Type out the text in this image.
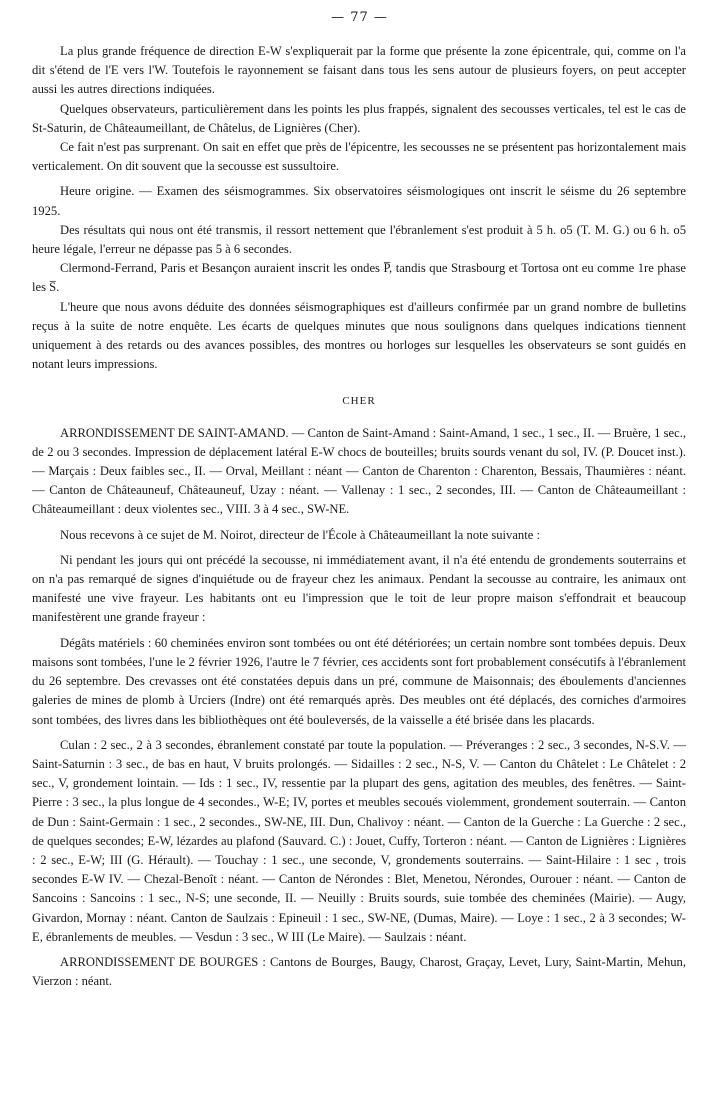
— 77 —

La plus grande fréquence de direction E-W s'expliquerait par la forme que présente la zone épicentrale, qui, comme on l'a dit s'étend de l'E vers l'W. Toutefois le rayonnement se faisant dans tous les sens autour de plusieurs foyers, on peut accepter aussi les autres directions indiquées.

Quelques observateurs, particulièrement dans les points les plus frappés, signalent des secousses verticales, tel est le cas de St-Saturin, de Châteaumeillant, de Châtelus, de Lignières (Cher).

Ce fait n'est pas surprenant. On sait en effet que près de l'épicentre, les secousses ne se présentent pas horizontalement mais verticalement. On dit souvent que la secousse est sussultoire.

Heure origine. — Examen des séismogrammes. Six observatoires séismologiques ont inscrit le séisme du 26 septembre 1925.

Des résultats qui nous ont été transmis, il ressort nettement que l'ébranlement s'est produit à 5 h. o5 (T. M. G.) ou 6 h. o5 heure légale, l'erreur ne dépasse pas 5 à 6 secondes.

Clermond-Ferrand, Paris et Besançon auraient inscrit les ondes P̅, tandis que Strasbourg et Tortosa ont eu comme 1re phase les S̅.

L'heure que nous avons déduite des données séismographiques est d'ailleurs confirmée par un grand nombre de bulletins reçus à la suite de notre enquête. Les écarts de quelques minutes que nous soulignons dans quelques indications tiennent uniquement à des retards ou des avances possibles, des montres ou horloges sur lesquelles les observateurs se sont guidés en notant leurs impressions.

CHER

ARRONDISSEMENT DE SAINT-AMAND. — Canton de Saint-Amand : Saint-Amand, 1 sec., 1 sec., II. — Bruère, 1 sec., de 2 ou 3 secondes. Impression de déplacement latéral E-W chocs de bouteilles; bruits sourds venant du sol, IV. (P. Doucet inst.). — Marçais : Deux faibles sec., II. — Orval, Meillant : néant — Canton de Charenton : Charenton, Bessais, Thaumières : néant. — Canton de Châteauneuf, Châteauneuf, Uzay : néant. — Vallenay : 1 sec., 2 secondes, III. — Canton de Châteaumeillant : Châteaumeillant : deux violentes sec., VIII. 3 à 4 sec., SW-NE.

Nous recevons à ce sujet de M. Noirot, directeur de l'École à Châteaumeillant la note suivante :

Ni pendant les jours qui ont précédé la secousse, ni immédiatement avant, il n'a été entendu de grondements souterrains et on n'a pas remarqué de signes d'inquiétude ou de frayeur chez les animaux. Pendant la secousse au contraire, les animaux ont manifesté une vive frayeur. Les habitants ont eu l'impression que le toit de leur propre maison s'effondrait et beaucoup manifestèrent une grande frayeur :

Dégâts matériels : 60 cheminées environ sont tombées ou ont été détériorées; un certain nombre sont tombées depuis. Deux maisons sont tombées, l'une le 2 février 1926, l'autre le 7 février, ces accidents sont fort probablement consécutifs à l'ébranlement du 26 septembre. Des crevasses ont été constatées depuis dans un pré, commune de Maisonnais; des éboulements d'anciennes galeries de mines de plomb à Urciers (Indre) ont été remarqués après. Des meubles ont été déplacés, des corniches d'armoires sont tombées, des livres dans les bibliothèques ont été bouleversés, de la vaisselle a été brisée dans les placards.

Culan : 2 sec., 2 à 3 secondes, ébranlement constaté par toute la population. — Préveranges : 2 sec., 3 secondes, N-S.V. — Saint-Saturnin : 3 sec., de bas en haut, V bruits prolongés. — Sidailles : 2 sec., N-S, V. — Canton du Châtelet : Le Châtelet : 2 sec., V, grondement lointain. — Ids : 1 sec., IV, ressentie par la plupart des gens, agitation des meubles, des fenêtres. — Saint-Pierre : 3 sec., la plus longue de 4 secondes., W-E; IV, portes et meubles secoués violemment, grondement souterrain. — Canton de Dun : Saint-Germain : 1 sec., 2 secondes., SW-NE, III. Dun, Chalivoy : néant. — Canton de la Guerche : La Guerche : 2 sec., de quelques secondes; E-W, lézardes au plafond (Sauvard. C.) : Jouet, Cuffy, Torteron : néant. — Canton de Lignières : Lignières : 2 sec., E-W; III (G. Hérault). — Touchay : 1 sec., une seconde, V, grondements souterrains. — Saint-Hilaire : 1 sec , trois secondes E-W IV. — Chezal-Benoît : néant. — Canton de Nérondes : Blet, Menetou, Nérondes, Ourouer : néant. — Canton de Sancoins : Sancoins : 1 sec., N-S; une seconde, II. — Neuilly : Bruits sourds, suie tombée des cheminées (Mairie). — Augy, Givardon, Mornay : néant. Canton de Saulzais : Epineuil : 1 sec., SW-NE, (Dumas, Maire). — Loye : 1 sec., 2 à 3 secondes; W-E, ébranlements de meubles. — Vesdun : 3 sec., W III (Le Maire). — Saulzais : néant.

ARRONDISSEMENT DE BOURGES : Cantons de Bourges, Baugy, Charost, Graçay, Levet, Lury, Saint-Martin, Mehun, Vierzon : néant.
